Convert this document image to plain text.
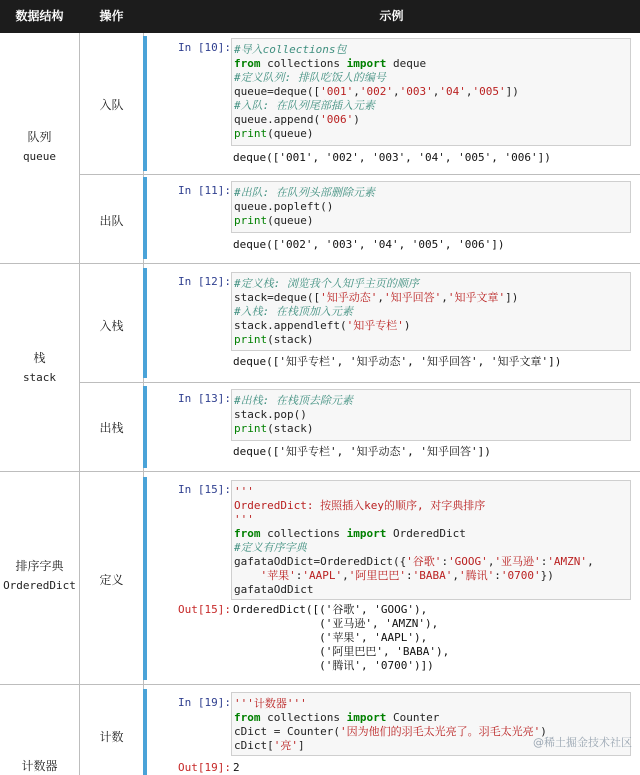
数据结构	操作	示例
队列
queue
栈
stack
排序字典
OrderedDict
计数器
入队
出队
入栈
出栈
定义
计数
In [10]: #导入collections包
from collections import deque
#定义队列: 排队吃饭人的编号
queue=deque(['001','002','003','04','005'])
#入队: 在队列尾部插入元素
queue.append('006')
print(queue)
deque(['001', '002', '003', '04', '005', '006'])
In [11]: #出队: 在队列头部删除元素
queue.popleft()
print(queue)
deque(['002', '003', '04', '005', '006'])
In [12]: #定义栈: 浏览我个人知乎主页的顺序
stack=deque(['知乎动态','知乎回答','知乎文章'])
#入栈: 在栈顶加入元素
stack.appendleft('知乎专栏')
print(stack)
deque(['知乎专栏', '知乎动态', '知乎回答', '知乎文章'])
In [13]: #出栈: 在栈顶去除元素
stack.pop()
print(stack)
deque(['知乎专栏', '知乎动态', '知乎回答'])
In [15]: '''
OrderedDict: 按照插入key的顺序, 对字典排序
'''
from collections import OrderedDict
#定义有序字典
gafataOdDict=OrderedDict({'谷歌':'GOOG','亚马逊':'AMZN',
'苹果':'AAPL','阿里巴巴':'BABA','腾讯':'0700'})
gafataOdDict
Out[15]: OrderedDict([('谷歌', 'GOOG'),
('亚马逊', 'AMZN'),
('苹果', 'AAPL'),
('阿里巴巴', 'BABA'),
('腾讯', '0700')])
In [19]: '''计数器'''
from collections import Counter
cDict = Counter('因为他们的羽毛太光亮了。羽毛太光亮')
cDict['亮']
Out[19]: 2
@稀土掘金技术社区
